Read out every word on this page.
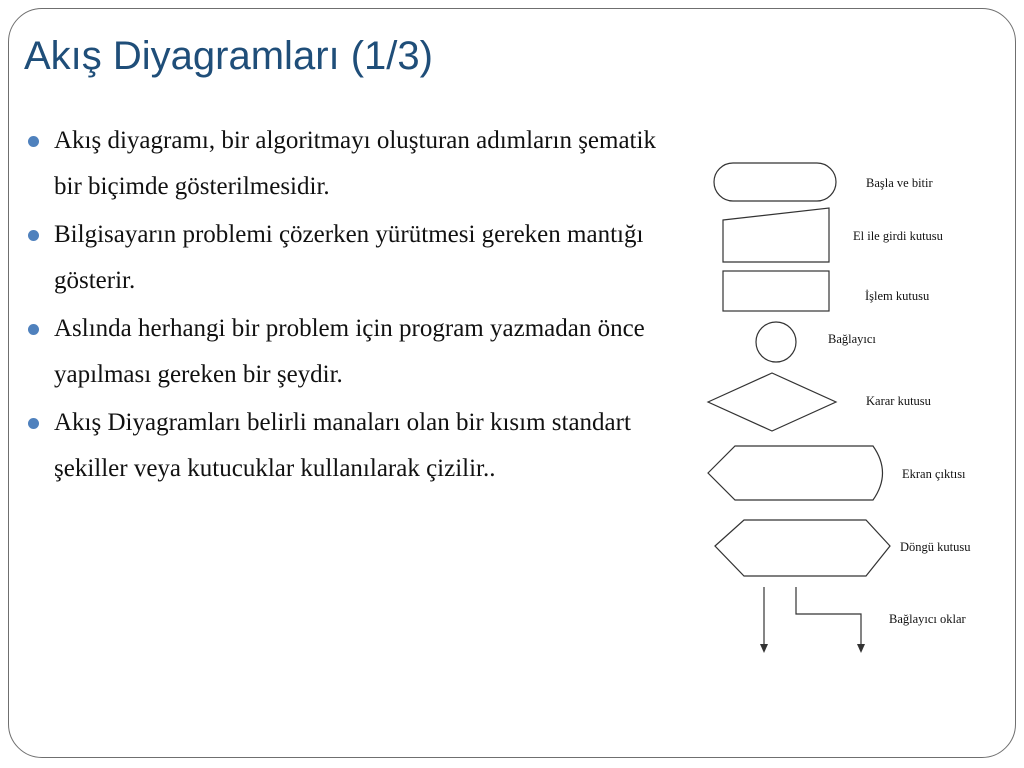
Akış Diyagramları (1/3)
Akış diyagramı, bir algoritmayı oluşturan adımların şematik bir biçimde gösterilmesidir.
Bilgisayarın problemi çözerken yürütmesi gereken mantığı gösterir.
Aslında herhangi bir problem için program yazmadan önce yapılması gereken bir şeydir.
Akış Diyagramları belirli manaları olan bir kısım standart şekiller veya kutucuklar kullanılarak çizilir..
Başla ve bitir
El ile girdi kutusu
İşlem kutusu
Bağlayıcı
Karar kutusu
Ekran çıktısı
Döngü kutusu
Bağlayıcı oklar
